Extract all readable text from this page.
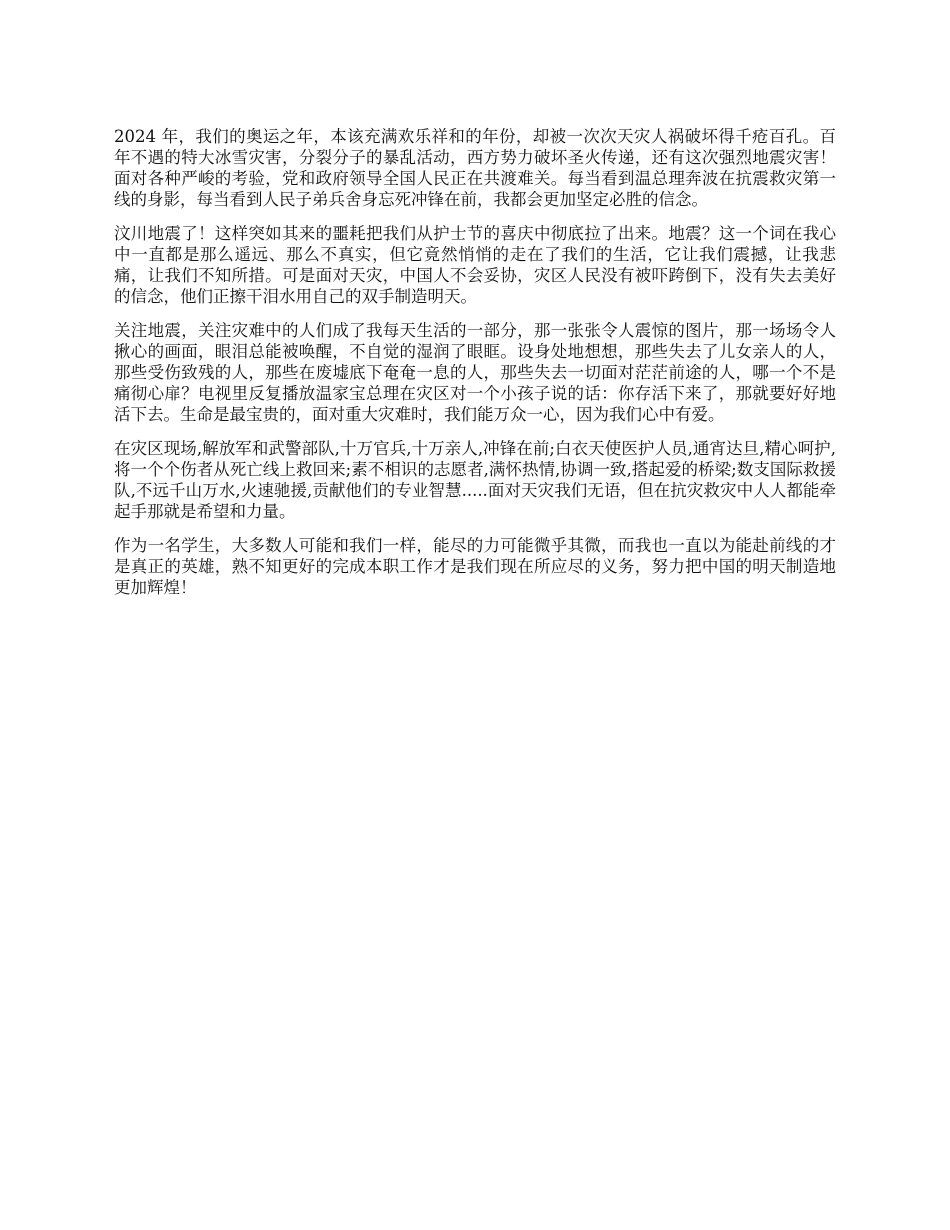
2024 年，我们的奥运之年，本该充满欢乐祥和的年份，却被一次次天灾人祸破坏得千疮百孔。百年不遇的特大冰雪灾害，分裂分子的暴乱活动，西方势力破坏圣火传递，还有这次强烈地震灾害！面对各种严峻的考验，党和政府领导全国人民正在共渡难关。每当看到温总理奔波在抗震救灾第一线的身影，每当看到人民子弟兵舍身忘死冲锋在前，我都会更加坚定必胜的信念。

汶川地震了！这样突如其来的噩耗把我们从护士节的喜庆中彻底拉了出来。地震？这一个词在我心中一直都是那么遥远、那么不真实，但它竟然悄悄的走在了我们的生活，它让我们震撼，让我悲痛，让我们不知所措。可是面对天灾，中国人不会妥协，灾区人民没有被吓跨倒下，没有失去美好的信念，他们正擦干泪水用自己的双手制造明天。

关注地震，关注灾难中的人们成了我每天生活的一部分，那一张张令人震惊的图片，那一场场令人揪心的画面，眼泪总能被唤醒，不自觉的湿润了眼眶。设身处地想想，那些失去了儿女亲人的人，那些受伤致残的人，那些在废墟底下奄奄一息的人，那些失去一切面对茫茫前途的人，哪一个不是痛彻心扉？电视里反复播放温家宝总理在灾区对一个小孩子说的话：你存活下来了，那就要好好地活下去。生命是最宝贵的，面对重大灾难时，我们能万众一心，因为我们心中有爱。

在灾区现场,解放军和武警部队,十万官兵,十万亲人,冲锋在前;白衣天使医护人员,通宵达旦,精心呵护,将一个个伤者从死亡线上救回来;素不相识的志愿者,满怀热情,协调一致,搭起爱的桥梁;数支国际救援队,不远千山万水,火速驰援,贡献他们的专业智慧.....面对天灾我们无语，但在抗灾救灾中人人都能牵起手那就是希望和力量。

作为一名学生，大多数人可能和我们一样，能尽的力可能微乎其微，而我也一直以为能赴前线的才是真正的英雄，熟不知更好的完成本职工作才是我们现在所应尽的义务，努力把中国的明天制造地更加辉煌！
